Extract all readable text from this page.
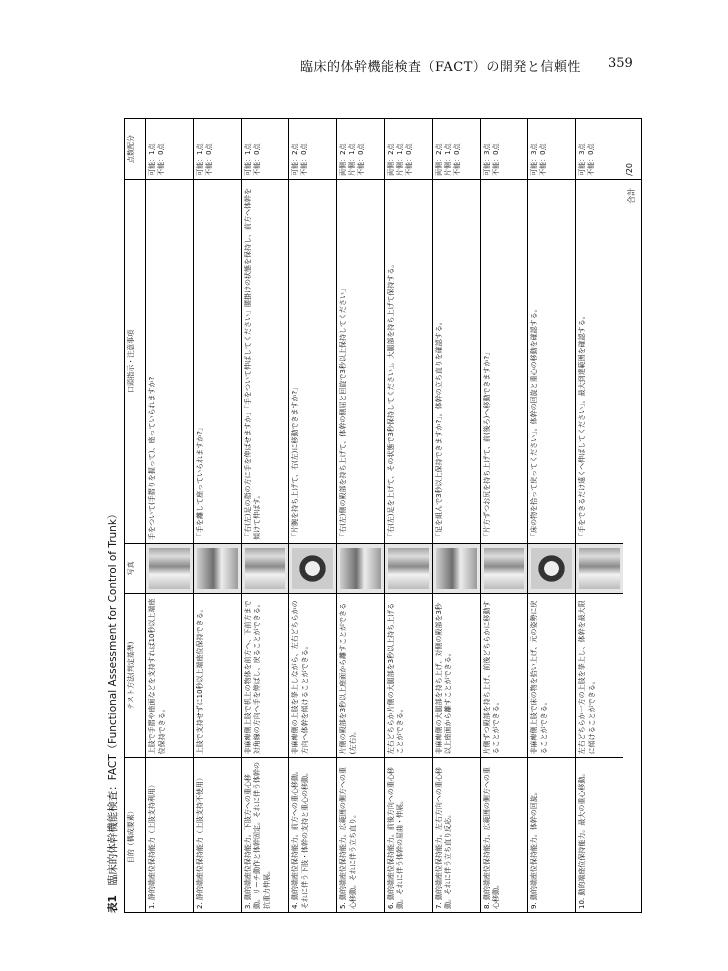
臨床的体幹機能検査（FACT）の開発と信頼性 359
表1臨床的体幹機能検査：FACT（Functional Assessment for Control of Trunk）	目的（構成要素）
テスト方法(判定基準)
写真
口頭指示・注意事項
点数配分
1. 静的端座位保持能力（上肢支持利用）
上肢で手摺や座面などを支持すれば10秒以上端座位保持できる。
手をついて(手摺りを握って)、座っていられますか?
可能：1点
不能：0点
2. 静的端座位保持能力（上肢支持不使用）
上肢で支持せずに10秒以上端座位保持できる。
「手を離して座っていられますか?」
可能：1点
不能：0点
3. 動的端座位保持能力。下肢方への重心移動。リーチ動作と体幹固定。それに伴う体幹の抗重力伸展。
非麻痺側上肢で机上の物体を前方へ、下前方まで対角線の方向へ手を伸ばし、戻ることができる。
「右(左)足の指の方に手を伸ばせますか」「手をついて伸ばしてください」腰掛けの状態を保持し、前方へ体幹を傾けて伸ばす。
可能：1点
不能：0点
4. 動的端座位保持能力。前方への重心移動。それに伴う下肢・体幹の支持と重心の移動。
非麻痺側の上肢を挙上しながら、左右どちらかの方向へ体幹を傾けることができる。
「片腕を持ち上げて、右(左)に移動できますか?」
可能：2点
不能：0点
5. 動的端座位保持能力。広範囲の側方への重心移動。それに伴う立ち直り。
片側の殿部を3秒以上座面から離すことができる(左右)。
「右(左)側の殿部を持ち上げて、体幹の側屈と回旋で3秒以上保持してください」
両側：2点
片側：1点
不能：0点
6. 動的端座位保持能力。前後方向への重心移動。それに伴う体幹の屈曲・伸展。
左右どちらか片側の大腿部を3秒以上持ち上げることができる。
「右(左)足を上げて、その状態で3秒保持してください」。大腿部を持ち上げて保持する。
両側：2点
片側：1点
不能：0点
7. 動的端座位保持能力。左右方向への重心移動。それに伴う立ち直り反応。
非麻痺側の大腿部を持ち上げ、対側の殿部を3秒以上座面から離すことができる。
「足を組んで3秒以上保持できますか?」。体幹の立ち直りを確認する。
両側：2点
片側：1点
不能：0点
8. 動的端座位保持能力。広範囲の側方への重心移動。
片側ずつ殿部を持ち上げ、前後どちらかに移動することができる。
「片方ずつお尻を持ち上げて、前(後ろ)へ移動できますか?」
可能：3点
不能：0点
9. 動的端座位保持能力。体幹の回旋。
非麻痺側上肢で床の物を拾い上げ、元の姿勢に戻ることができる。
「床の物を拾って戻ってください」。体幹の回旋と重心の移動を確認する。
可能：3点
不能：0点
10. 動的端座位保持能力。最大の重心移動。
左右どちらか一方の上肢を挙上し、体幹を最大限に傾けることができる。
「手をできるだけ遠くへ伸ばしてください」。最大到達範囲を確認する。
可能：3点
不能：0点
合計
/20
